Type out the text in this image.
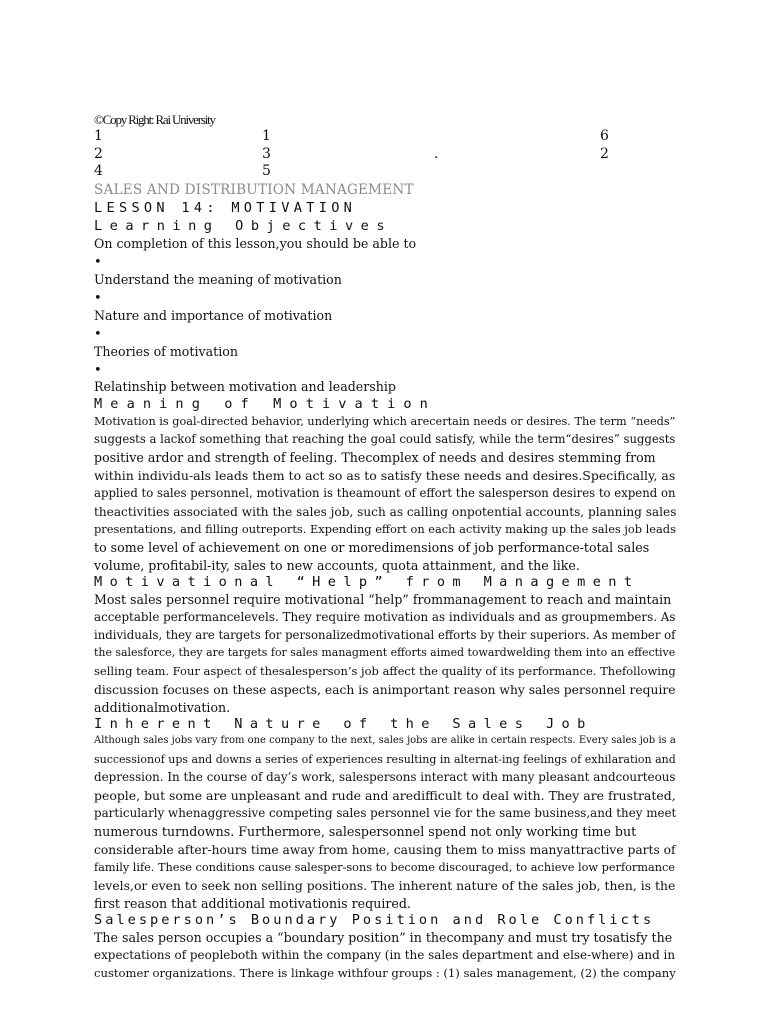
©Copy Right: Rai University
1	1	6
2	3	.	2
4	5
SALES AND DISTRIBUTION MANAGEMENT
LESSON 14: MOTIVATION
Learning Objectives
On completion of this lesson,you should be able to
•
Understand the meaning of motivation
•
Nature and importance of motivation
•
Theories of motivation
•
Relatinship between motivation and leadership
Meaning of Motivation
Motivation is goal-directed behavior, underlying which arecertain needs or desires. The term “needs”
suggests a lackof something that reaching the goal could satisfy, while the term“desires” suggests
positive ardor and strength of feeling. Thecomplex of needs and desires stemming from
within individu-als leads them to act so as to satisfy these needs and desires.Specifically, as
applied to sales personnel, motivation is theamount of effort the salesperson desires to expend on
theactivities associated with the sales job, such as calling onpotential accounts, planning sales
presentations, and filling outreports. Expending effort on each activity making up the sales job leads
to some level of achievement on one or moredimensions of job performance-total sales
volume, profitabil-ity, sales to new accounts, quota attainment, and the like.
Motivational “Help” from Management
Most sales personnel require motivational “help” frommanagement to reach and maintain
acceptable performancelevels. They require motivation as individuals and as groupmembers. As
individuals, they are targets for personalizedmotivational efforts by their superiors. As member of
the salesforce, they are targets for sales managment efforts aimed towardwelding them into an effective
selling team. Four aspect of thesalesperson’s job affect the quality of its performance. Thefollowing
discussion focuses on these aspects, each is animportant reason why sales personnel require
additionalmotivation.
Inherent Nature of the Sales Job
Although sales jobs vary from one company to the next, sales jobs are alike in certain respects. Every sales job is a
successionof ups and downs a series of experiences resulting in alternat-ing feelings of exhilaration and
depression. In the course of day’s work, salespersons interact with many pleasant andcourteous
people, but some are unpleasant and rude and aredifficult to deal with. They are frustrated,
particularly whenaggressive competing sales personnel vie for the same business,and they meet
numerous turndowns. Furthermore, salespersonnel spend not only working time but
considerable after-hours time away from home, causing them to miss manyattractive parts of
family life. These conditions cause salesper-sons to become discouraged, to achieve low performance
levels,or even to seek non selling positions. The inherent nature of the sales job, then, is the
first reason that additional motivationis required.
Salesperson’s Boundary Position and Role Conflicts
The sales person occupies a “boundary position” in thecompany and must try tosatisfy the
expectations of peopleboth within the company (in the sales department and else-where) and in
customer organizations. There is linkage withfour groups : (1) sales management, (2) the company
